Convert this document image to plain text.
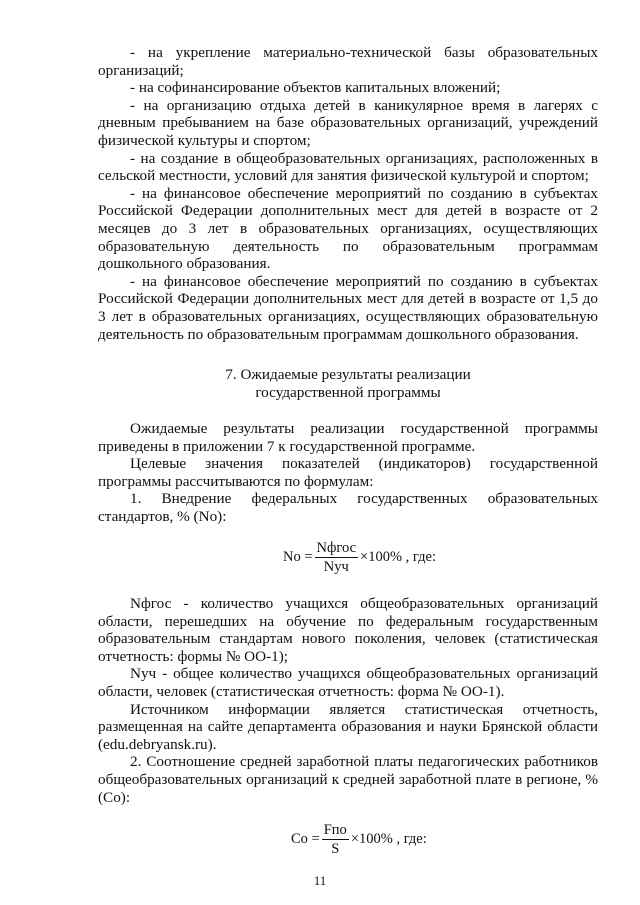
- на укрепление материально-технической базы образовательных организаций;

- на софинансирование объектов капитальных вложений;

- на организацию отдыха детей в каникулярное время в лагерях с дневным пребыванием на базе образовательных организаций, учреждений физической культуры и спортом;

- на создание в общеобразовательных организациях, расположенных в сельской местности, условий для занятия физической культурой и спортом;

- на финансовое обеспечение мероприятий по созданию в субъектах Российской Федерации дополнительных мест для детей в возрасте от 2 месяцев до 3 лет в образовательных организациях, осуществляющих образовательную деятельность по образовательным программам дошкольного образования.

- на финансовое обеспечение мероприятий по созданию в субъектах Российской Федерации дополнительных мест для детей в возрасте от 1,5 до 3 лет в образовательных организациях, осуществляющих образовательную деятельность по образовательным программам дошкольного образования.

7. Ожидаемые результаты реализации

государственной программы

Ожидаемые результаты реализации государственной программы приведены в приложении 7 к государственной программе.

Целевые значения показателей (индикаторов) государственной программы рассчитываются по формулам:

1. Внедрение федеральных государственных образовательных стандартов, % (No):

$No = \frac{\text{Nфгос}}{\text{Nуч}} \times 100\%$ , где:

Nфгос - количество учащихся общеобразовательных организаций области, перешедших на обучение по федеральным государственным образовательным стандартам нового поколения, человек (статистическая отчетность: формы № ОО-1);

Nуч - общее количество учащихся общеобразовательных организаций области, человек (статистическая отчетность: форма № ОО-1).

Источником информации является статистическая отчетность, размещенная на сайте департамента образования и науки Брянской области (edu.debryansk.ru).

2. Соотношение средней заработной платы педагогических работников общеобразовательных организаций к средней заработной плате в регионе, % (Co):

$Co = \frac{\text{Fпо}}{S} \times 100\%$ , где:
11
